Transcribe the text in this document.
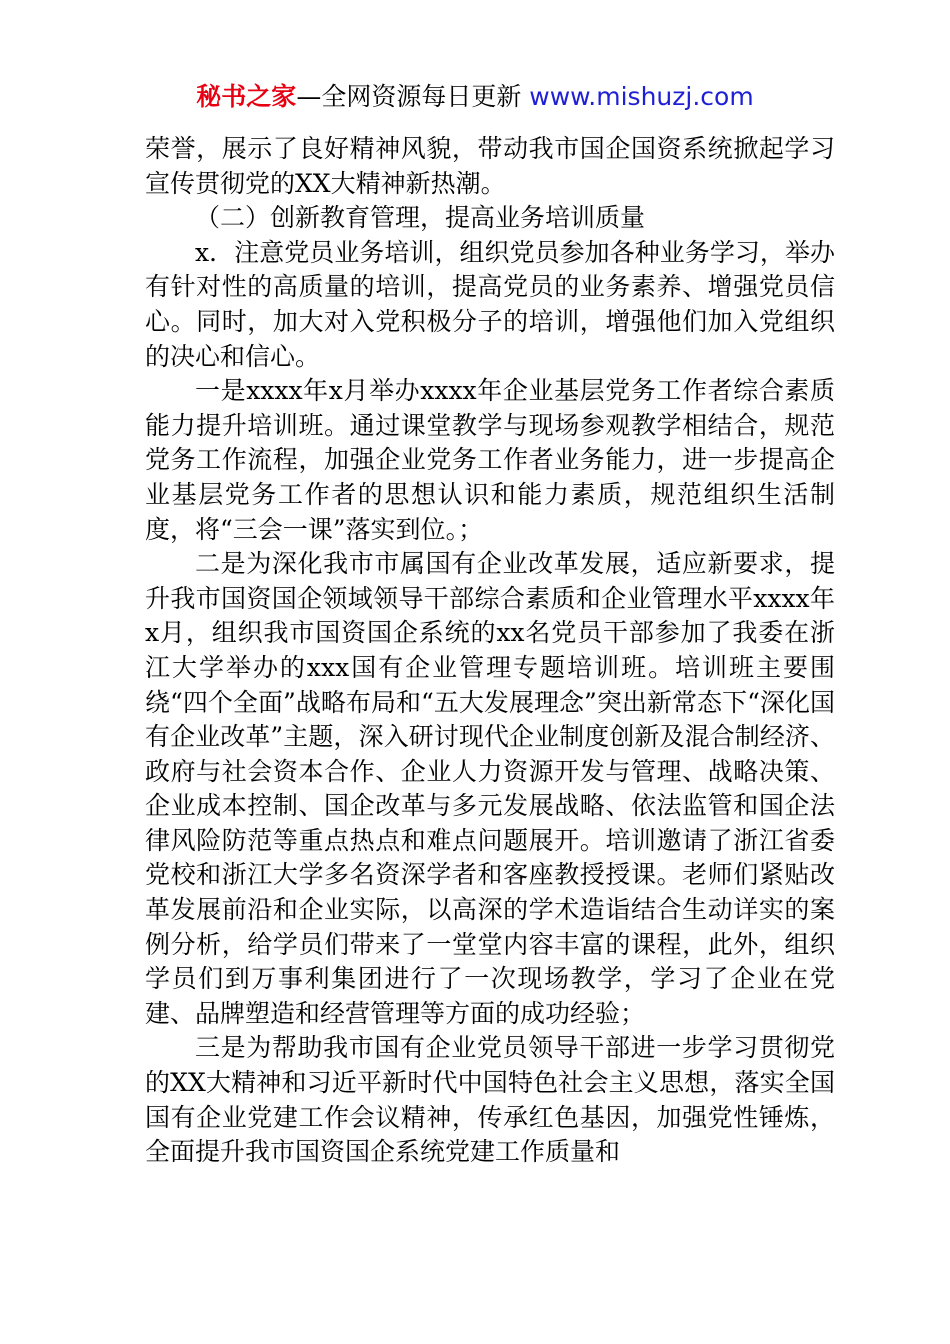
秘书之家—全网资源每日更新 www.mishuzj.com

荣誉，展示了良好精神风貌，带动我市国企国资系统掀起学习宣传贯彻党的XX大精神新热潮。

（二）创新教育管理，提高业务培训质量

x．注意党员业务培训，组织党员参加各种业务学习，举办有针对性的高质量的培训，提高党员的业务素养、增强党员信心。同时，加大对入党积极分子的培训，增强他们加入党组织的决心和信心。

一是xxxx年x月举办xxxx年企业基层党务工作者综合素质能力提升培训班。通过课堂教学与现场参观教学相结合，规范党务工作流程，加强企业党务工作者业务能力，进一步提高企业基层党务工作者的思想认识和能力素质，规范组织生活制度，将“三会一课”落实到位。；

二是为深化我市市属国有企业改革发展，适应新要求，提升我市国资国企领域领导干部综合素质和企业管理水平xxxx年x月，组织我市国资国企系统的xx名党员干部参加了我委在浙江大学举办的xxx国有企业管理专题培训班。培训班主要围绕“四个全面”战略布局和“五大发展理念”突出新常态下“深化国有企业改革”主题，深入研讨现代企业制度创新及混合制经济、政府与社会资本合作、企业人力资源开发与管理、战略决策、企业成本控制、国企改革与多元发展战略、依法监管和国企法律风险防范等重点热点和难点问题展开。培训邀请了浙江省委党校和浙江大学多名资深学者和客座教授授课。老师们紧贴改革发展前沿和企业实际，以高深的学术造诣结合生动详实的案例分析，给学员们带来了一堂堂内容丰富的课程，此外，组织学员们到万事利集团进行了一次现场教学，学习了企业在党建、品牌塑造和经营管理等方面的成功经验；

三是为帮助我市国有企业党员领导干部进一步学习贯彻党的XX大精神和习近平新时代中国特色社会主义思想，落实全国国有企业党建工作会议精神，传承红色基因，加强党性锤炼，全面提升我市国资国企系统党建工作质量和
